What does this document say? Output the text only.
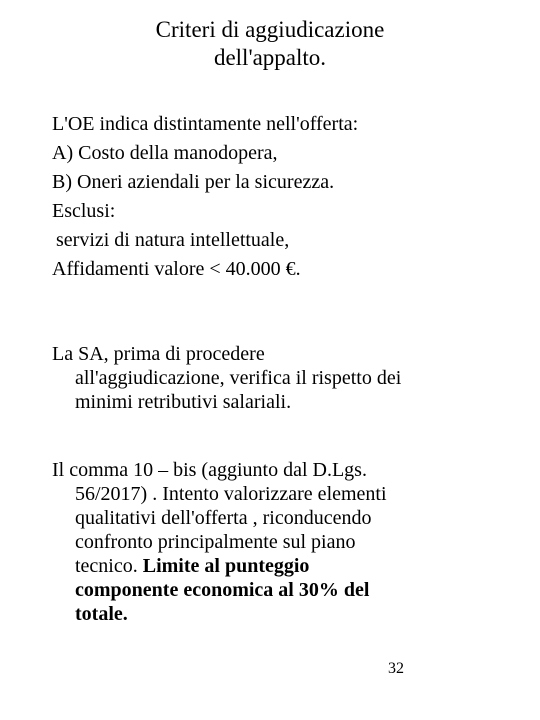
Criteri di aggiudicazione
dell'appalto.
L'OE indica distintamente nell'offerta:
A) Costo della manodopera,
B) Oneri aziendali per la sicurezza.
Esclusi:
servizi di natura intellettuale,
Affidamenti valore < 40.000 €.
La SA, prima di procedere
all'aggiudicazione, verifica il rispetto dei
minimi retributivi salariali.
Il comma 10 – bis (aggiunto dal D.Lgs.
56/2017) . Intento valorizzare elementi
qualitativi dell'offerta , riconducendo
confronto principalmente sul piano
tecnico. Limite al punteggio
componente economica al 30% del
totale.
32
